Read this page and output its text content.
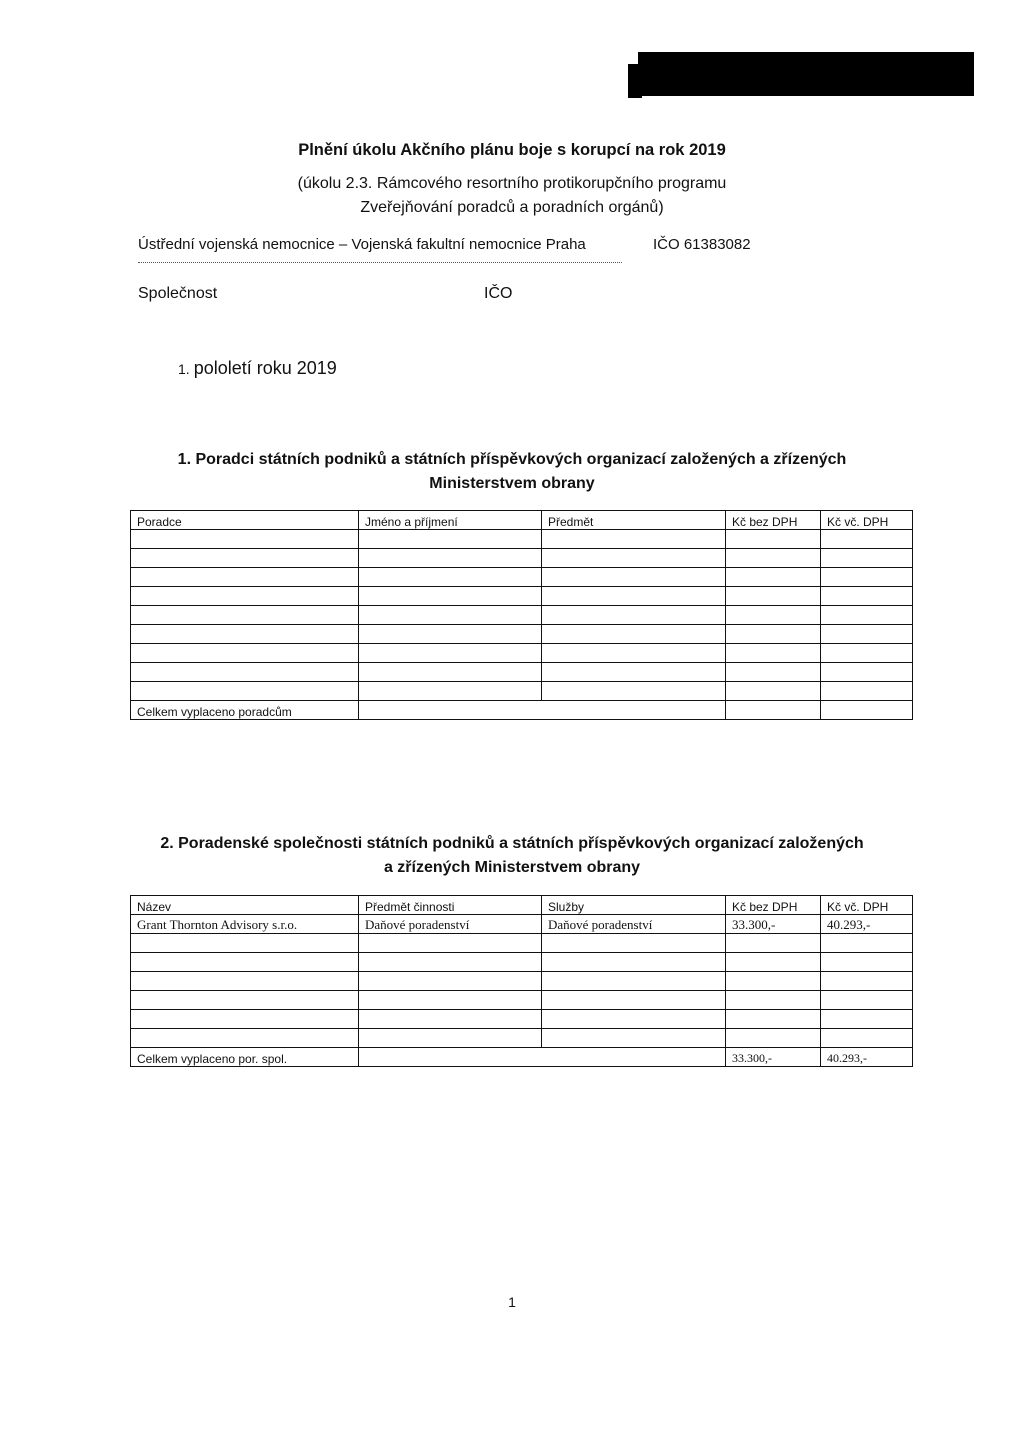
Plnění úkolu Akčního plánu boje s korupcí na rok 2019
(úkolu 2.3. Rámcového resortního protikorupčního programu
Zveřejňování poradců a poradních orgánů)
Ústřední vojenská nemocnice – Vojenská fakultní nemocnice Praha	IČO 61383082
Společnost	IČO
1. pololetí roku 2019
1. Poradci státních podniků a státních příspěvkových organizací založených a zřízených
Ministerstvem obrany
Poradce	Jméno a příjmení	Předmět	Kč bez DPH	Kč vč. DPH

Celkem vyplaceno poradcům				
2. Poradenské společnosti státních podniků a státních příspěvkových organizací založených
a zřízených Ministerstvem obrany
Název	Předmět činnosti	Služby	Kč bez DPH	Kč vč. DPH
Grant Thornton Advisory s.r.o.	Daňové poradenství	Daňové poradenství	33.300,-	40.293,-

Celkem vyplaceno por. spol.			33.300,-	40.293,-
1
